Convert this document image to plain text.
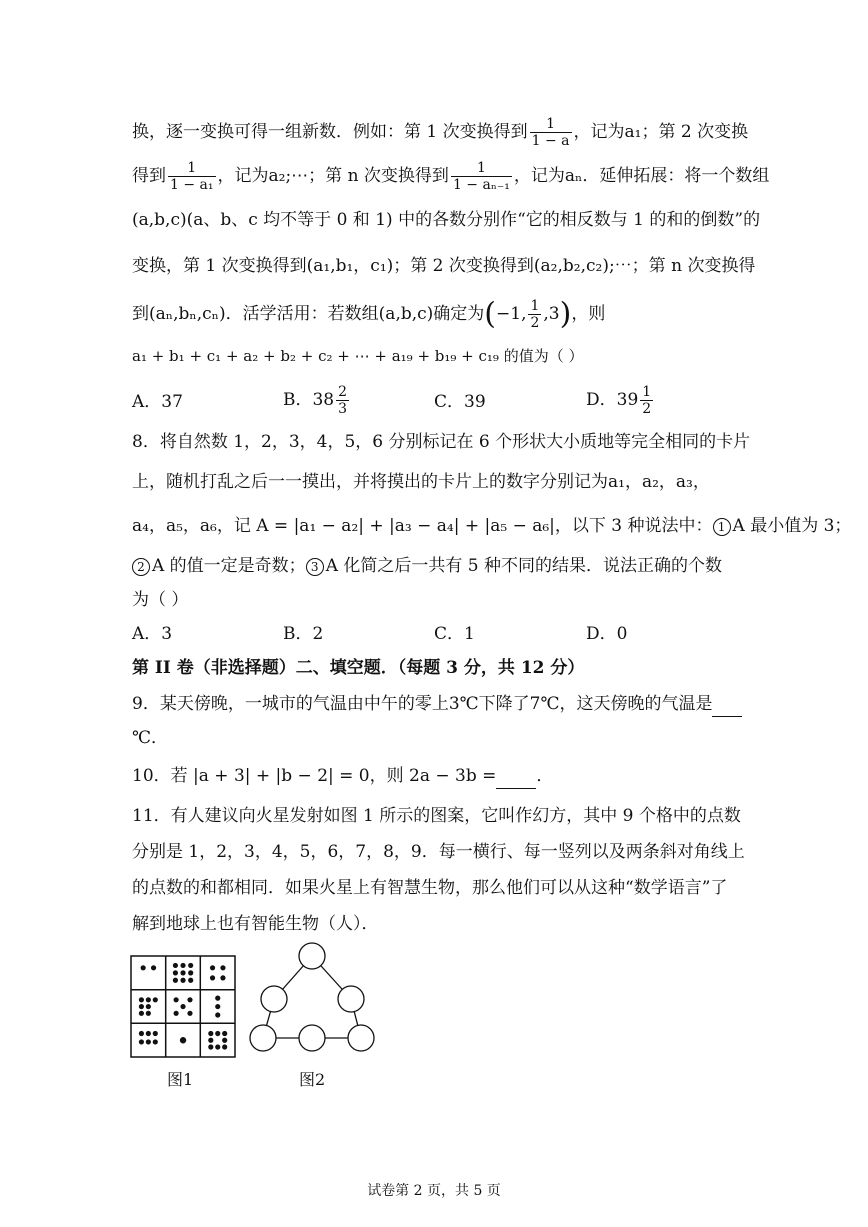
换，逐一变换可得一组新数．例如：第 1 次变换得到 $\frac{1}{1 - a}$ ，记为a₁；第 2 次变换
得到 $\frac{1}{\text{1 − a₁}}$ ，记为a₂;⋯；第 n 次变换得到 $\frac{1}{\text{1 − aₙ₋₁}}$ ，记为aₙ．延伸拓展：将一个数组
(a,b,c)(a、b、c 均不等于 0 和 1) 中的各数分别作“它的相反数与 1 的和的倒数”的
变换，第 1 次变换得到(a₁,b₁，c₁)；第 2 次变换得到(a₂,b₂,c₂);⋯；第 n 次变换得
到(aₙ,bₙ,cₙ)．活学活用：若数组(a,b,c)确定为(−1, $\frac{1}{2} ,3$)，则
a₁ + b₁ + c₁ + a₂ + b₂ + c₂ + ⋯ + a₁₉ + b₁₉ + c₁₉ 的值为（ ）
A．37	B．$38 \frac{2}{3}$	C．39	D．$39 \frac{1}{2}$
8．将自然数 1，2，3，4，5，6 分别标记在 6 个形状大小质地等完全相同的卡片
上，随机打乱之后一一摸出，并将摸出的卡片上的数字分别记为a₁，a₂，a₃，
a₄，a₅，a₆，记 A = |a₁ − a₂| + |a₃ − a₄| + |a₅ − a₆|，以下 3 种说法中： 1 A 最小值为 3；
2 A 的值一定是奇数； 3 A 化简之后一共有 5 种不同的结果．说法正确的个数
为（ ）
A．3	B．2	C．1	D．0
第 II 卷（非选择题）二、填空题．（每题 3 分，共 12 分）
9．某天傍晚，一城市的气温由中午的零上3℃下降了7℃，这天傍晚的气温是
℃．
10．若 |a + 3| + |b − 2| = 0，则 2a − 3b = ．
11．有人建议向火星发射如图 1 所示的图案，它叫作幻方，其中 9 个格中的点数
分别是 1，2，3，4，5，6，7，8，9．每一横行、每一竖列以及两条斜对角线上
的点数的和都相同．如果火星上有智慧生物，那么他们可以从这种“数学语言”了
解到地球上也有智能生物（人）．
图1	图2
试卷第 2 页，共 5 页
